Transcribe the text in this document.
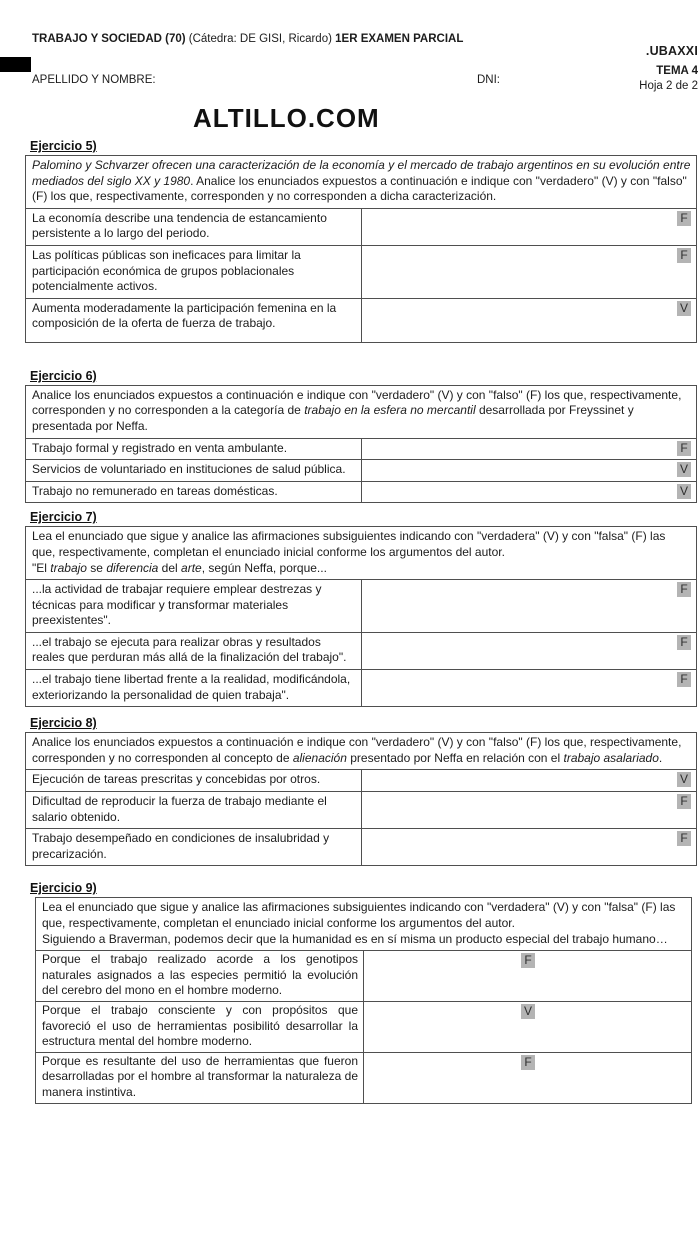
TRABAJO Y SOCIEDAD (70) (Cátedra: DE GISI, Ricardo) 1ER EXAMEN PARCIAL
APELLIDO Y NOMBRE:	DNI:
.UBAXXI
TEMA 4
Hoja 2 de 2
ALTILLO.COM
Ejercicio 5)

Palomino y Schvarzer ofrecen una caracterización de la economía y el mercado de trabajo argentinos en su evolución entre mediados del siglo XX y 1980. Analice los enunciados expuestos a continuación e indique con "verdadero" (V) y con "falso" (F) los que, respectivamente, corresponden y no corresponden a dicha caracterización.	

La economía describe una tendencia de estancamiento persistente a lo largo del periodo.	F
Las políticas públicas son ineficaces para limitar la participación económica de grupos poblacionales potencialmente activos.	F
Aumenta moderadamente la participación femenina en la composición de la oferta de fuerza de trabajo.	V
Ejercicio 6)

Analice los enunciados expuestos a continuación e indique con "verdadero" (V) y con "falso" (F) los que, respectivamente, corresponden y no corresponden a la categoría de trabajo en la esfera no mercantil desarrollada por Freyssinet y presentada por Neffa.	

Trabajo formal y registrado en venta ambulante.	F
Servicios de voluntariado en instituciones de salud pública.	V
Trabajo no remunerado en tareas domésticas.	V
Ejercicio 7)

Lea el enunciado que sigue y analice las afirmaciones subsiguientes indicando con "verdadera" (V) y con "falsa" (F) las que, respectivamente, completan el enunciado inicial conforme los argumentos del autor.

"El trabajo se diferencia del arte, según Neffa, porque...	

...la actividad de trabajar requiere emplear destrezas y técnicas para modificar y transformar materiales preexistentes".	F
...el trabajo se ejecuta para realizar obras y resultados reales que perduran más allá de la finalización del trabajo".	F
...el trabajo tiene libertad frente a la realidad, modificándola, exteriorizando la personalidad de quien trabaja".	F
Ejercicio 8)

Analice los enunciados expuestos a continuación e indique con "verdadero" (V) y con "falso" (F) los que, respectivamente, corresponden y no corresponden al concepto de alienación presentado por Neffa en relación con el trabajo asalariado.	

Ejecución de tareas prescritas y concebidas por otros.	V
Dificultad de reproducir la fuerza de trabajo mediante el salario obtenido.	F
Trabajo desempeñado en condiciones de insalubridad y precarización.	F
Ejercicio 9)

Lea el enunciado que sigue y analice las afirmaciones subsiguientes indicando con "verdadera" (V) y con "falsa" (F) las que, respectivamente, completan el enunciado inicial conforme los argumentos del autor.

Siguiendo a Braverman, podemos decir que la humanidad es en sí misma un producto especial del trabajo humano…	

Porque el trabajo realizado acorde a los genotipos naturales asignados a las especies permitió la evolución del cerebro del mono en el hombre moderno.	F
Porque el trabajo consciente y con propósitos que favoreció el uso de herramientas posibilitó desarrollar la estructura mental del hombre moderno.	V
Porque es resultante del uso de herramientas que fueron desarrolladas por el hombre al transformar la naturaleza de manera instintiva.	F
